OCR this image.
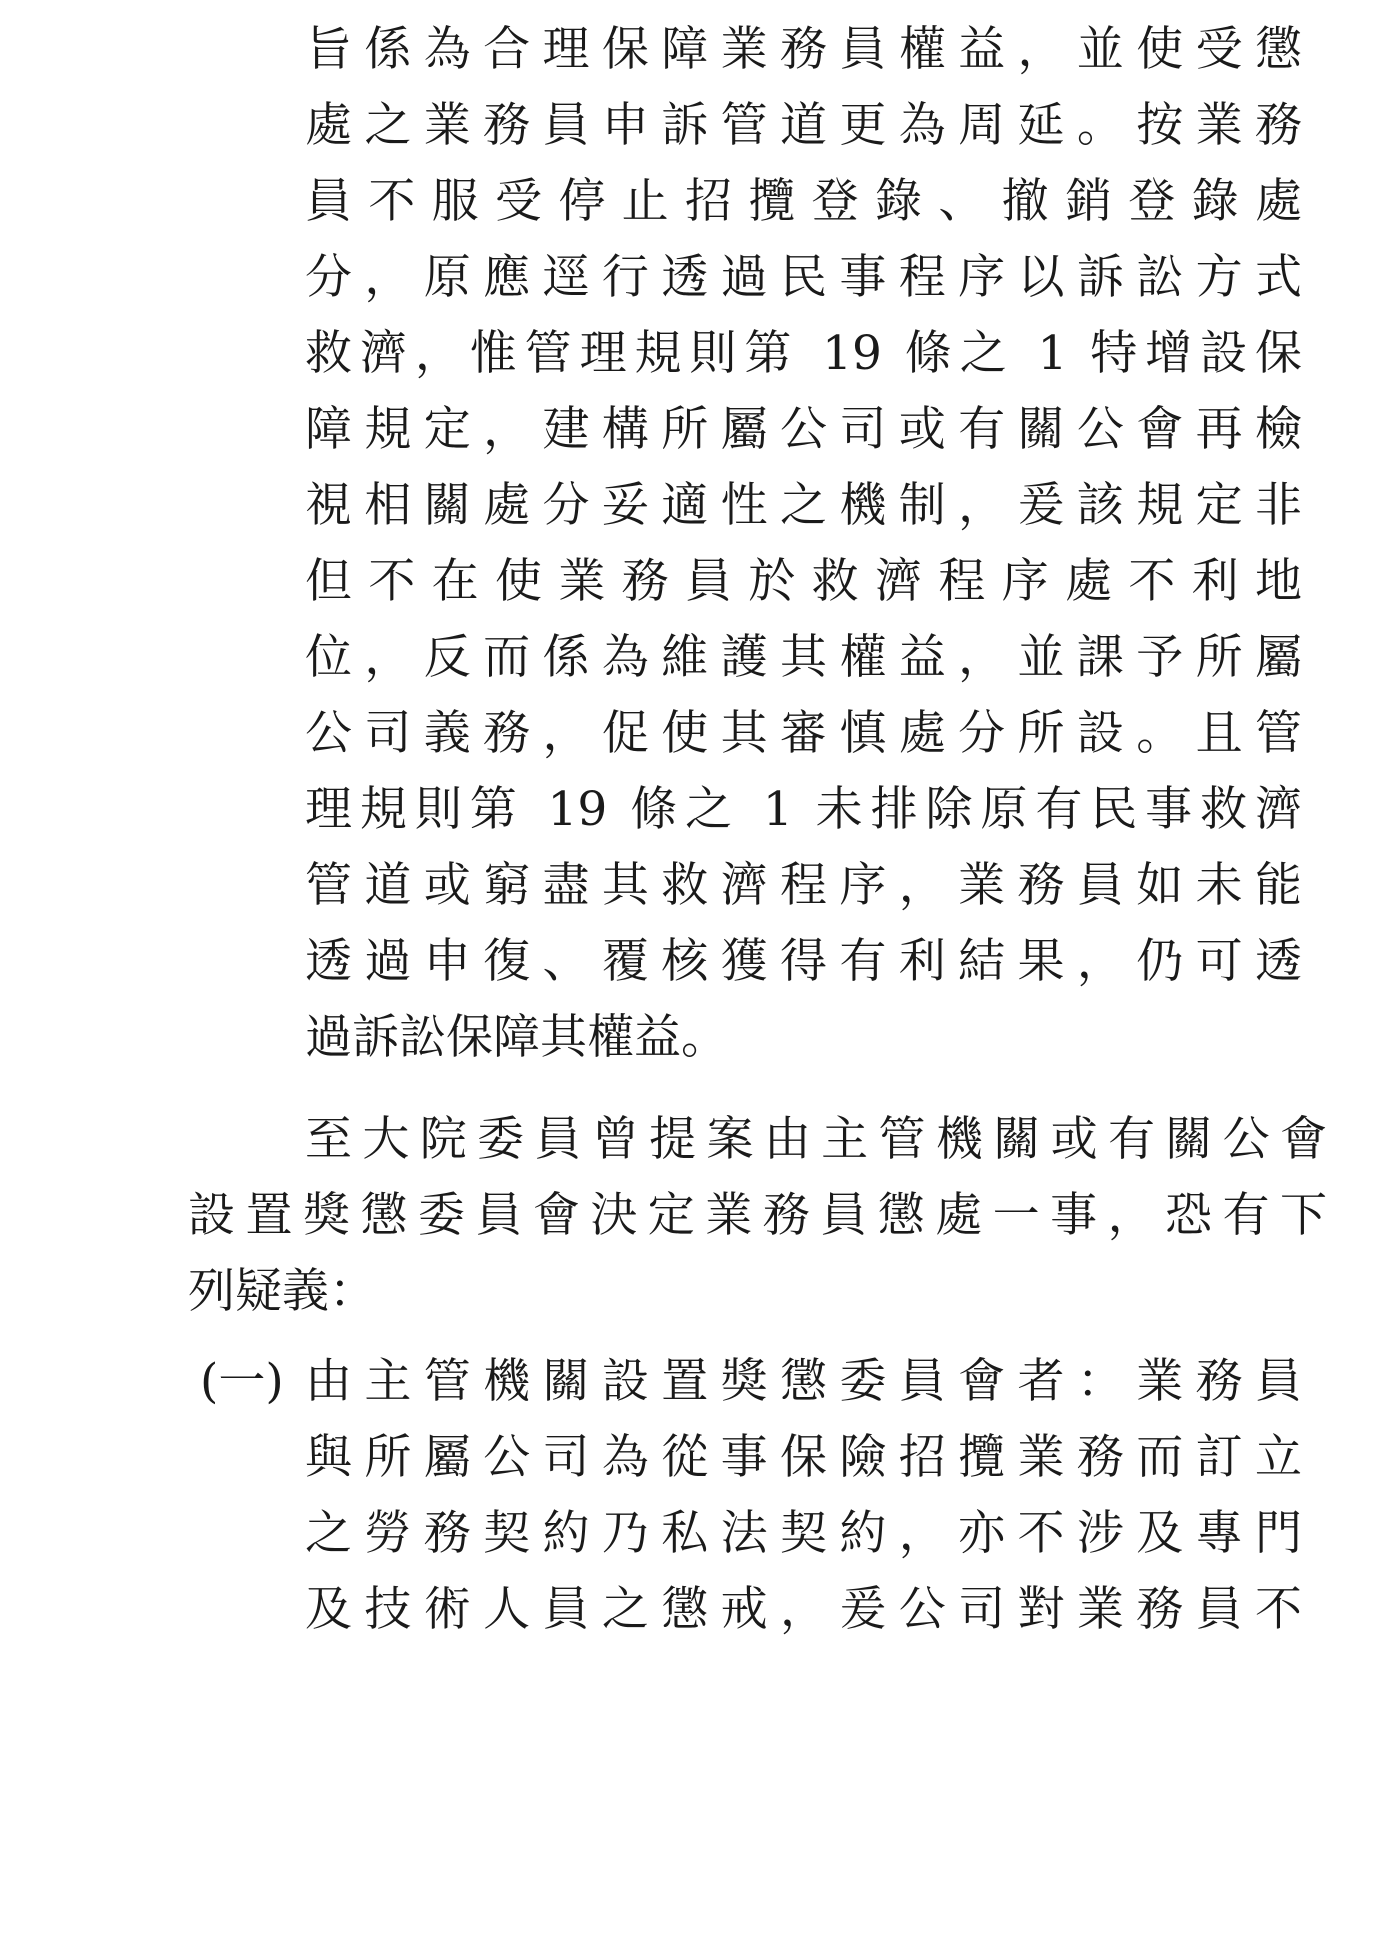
旨係為合理保障業務員權益，並使受懲
處之業務員申訴管道更為周延。按業務
員不服受停止招攬登錄、撤銷登錄處
分，原應逕行透過民事程序以訴訟方式
救濟，惟管理規則第 19 條之 1 特增設保
障規定，建構所屬公司或有關公會再檢
視相關處分妥適性之機制，爰該規定非
但不在使業務員於救濟程序處不利地
位，反而係為維護其權益，並課予所屬
公司義務，促使其審慎處分所設。且管
理規則第 19 條之 1 未排除原有民事救濟
管道或窮盡其救濟程序，業務員如未能
透過申復、覆核獲得有利結果，仍可透
過訴訟保障其權益。
至大院委員曾提案由主管機關或有關公會
設置獎懲委員會決定業務員懲處一事，恐有下
列疑義：
(一) 由主管機關設置獎懲委員會者：業務員
與所屬公司為從事保險招攬業務而訂立
之勞務契約乃私法契約，亦不涉及專門
及技術人員之懲戒，爰公司對業務員不
